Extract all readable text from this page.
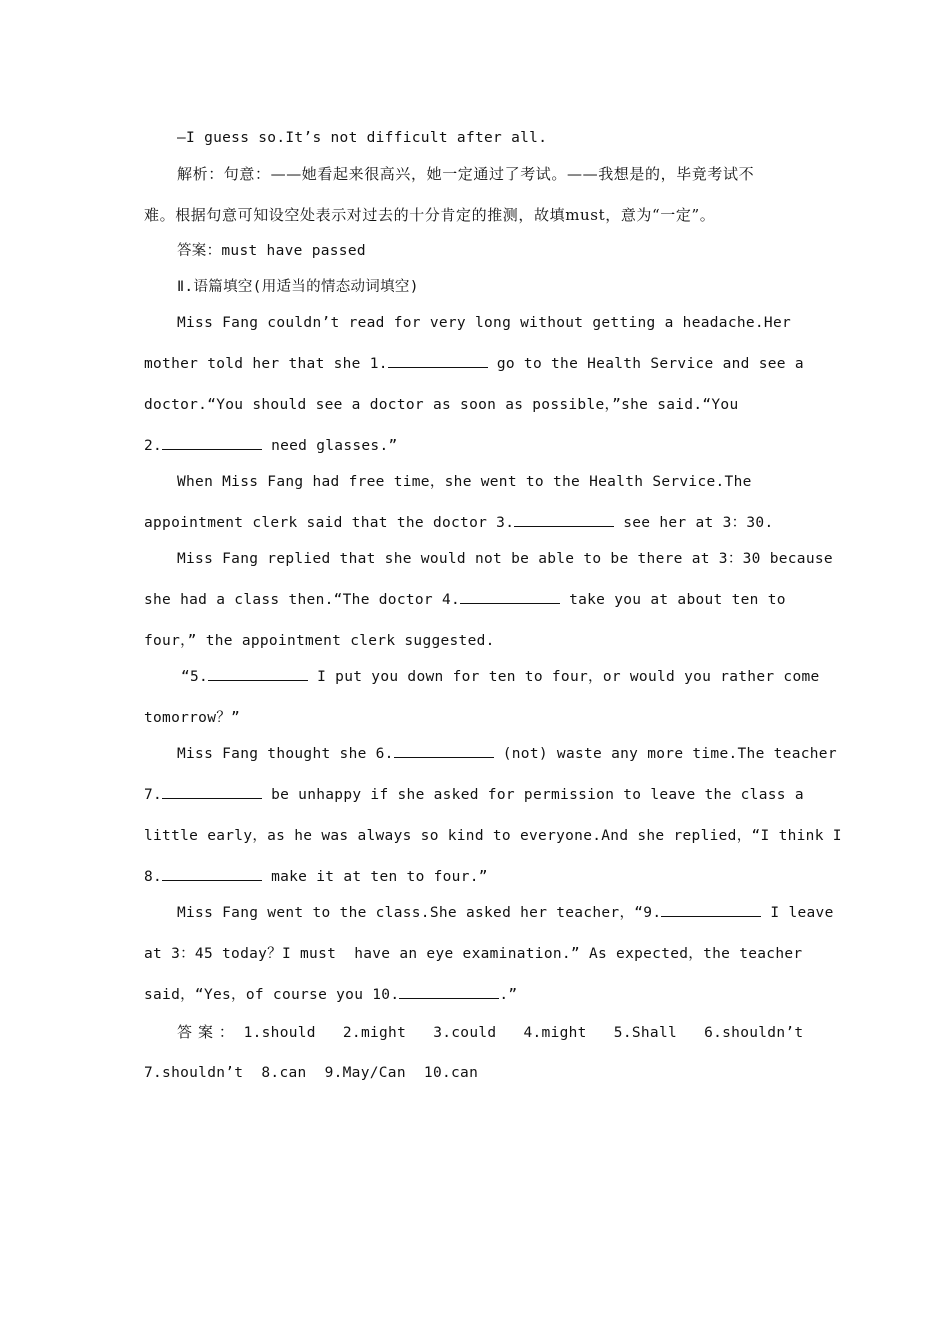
—I guess so.It’s not difficult after all.
解析：句意：——她看起来很高兴，她一定通过了考试。——我想是的，毕竟考试不
难。根据句意可知设空处表示对过去的十分肯定的推测，故填must，意为“一定”。
答案：must have passed
Ⅱ.语篇填空(用适当的情态动词填空)
Miss Fang couldn’t read for very long without getting a headache.Her
mother told her that she 1.	go to the Health Service and see a
doctor.“You should see a doctor as soon as possible，”she said.“You
2.	need glasses.”
When Miss Fang had free time，she went to the Health Service.The
appointment clerk said that the doctor 3.	see her at 3：30.
Miss Fang replied that she would not be able to be there at 3：30 because
she had a class then.“The doctor 4.	take you at about ten to
four，” the appointment clerk suggested.
“5.	I put you down for ten to four，or would you rather come
tomorrow？”
Miss Fang thought she 6.	(not) waste any more time.The teacher
7.	be unhappy if she asked for permission to leave the class a
little early，as he was always so kind to everyone.And she replied，“I think I
8.	make it at ten to four.”
Miss Fang went to the class.She asked her teacher，“9.	I leave
at 3：45 today？I must  have an eye examination.” As expected，the teacher
said，“Yes，of course you 10.	.”
答 案 ： 1.should   2.might   3.could   4.might   5.Shall   6.shouldn’t
7.shouldn’t  8.can  9.May/Can  10.can
